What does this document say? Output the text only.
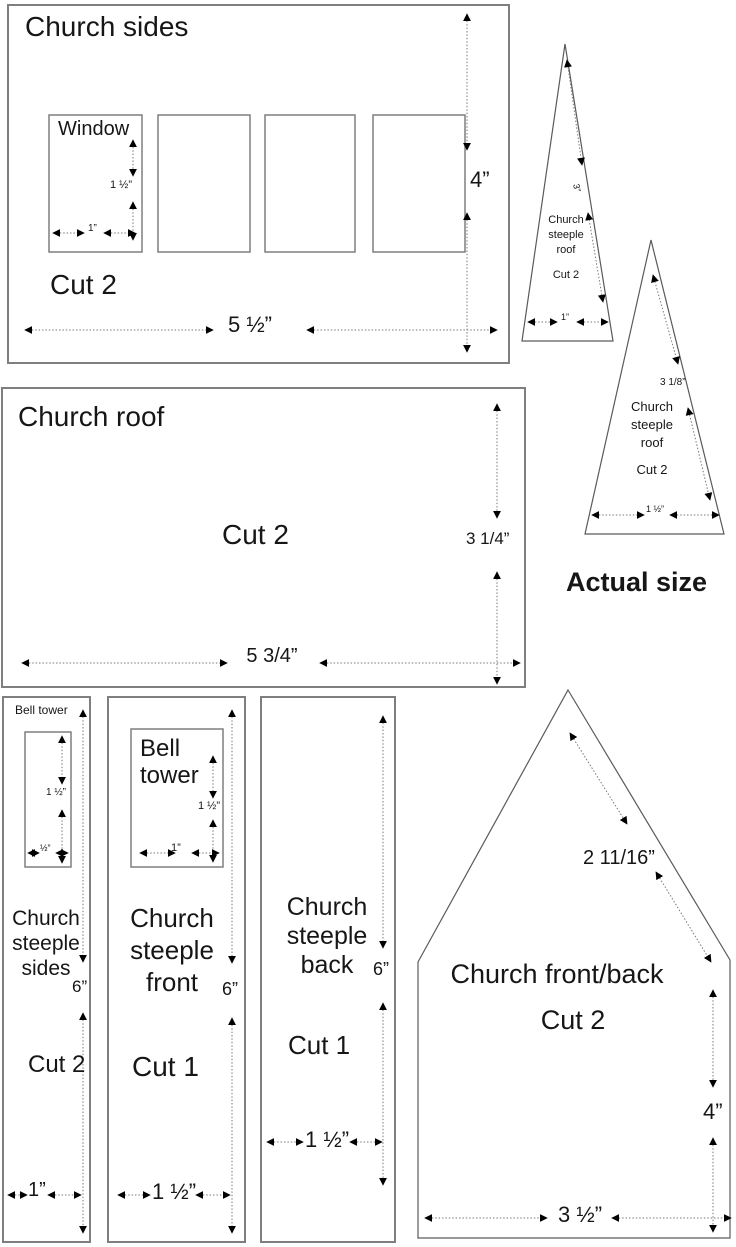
Church sides
Window
Cut 2
1 ½”
1”
4”
5 ½”
Church roof
Cut 2	3 1/4”
5 3/4”
Church
steeple
roof
Cut 2
3”
1”
Church
steeple
roof
Cut 2
3 1/8”
1 ½”
Actual size
Bell tower
1 ½”
½”
Church
steeple
sides
6”
Cut 2
1”
Bell
tower
1 ½”
1”
Church
steeple
front	6”
Cut 1
1 ½”
Church
steeple
back	6”
Cut 1
1 ½”
Church front/back
Cut 2
2 11/16”
4”
3 ½”
